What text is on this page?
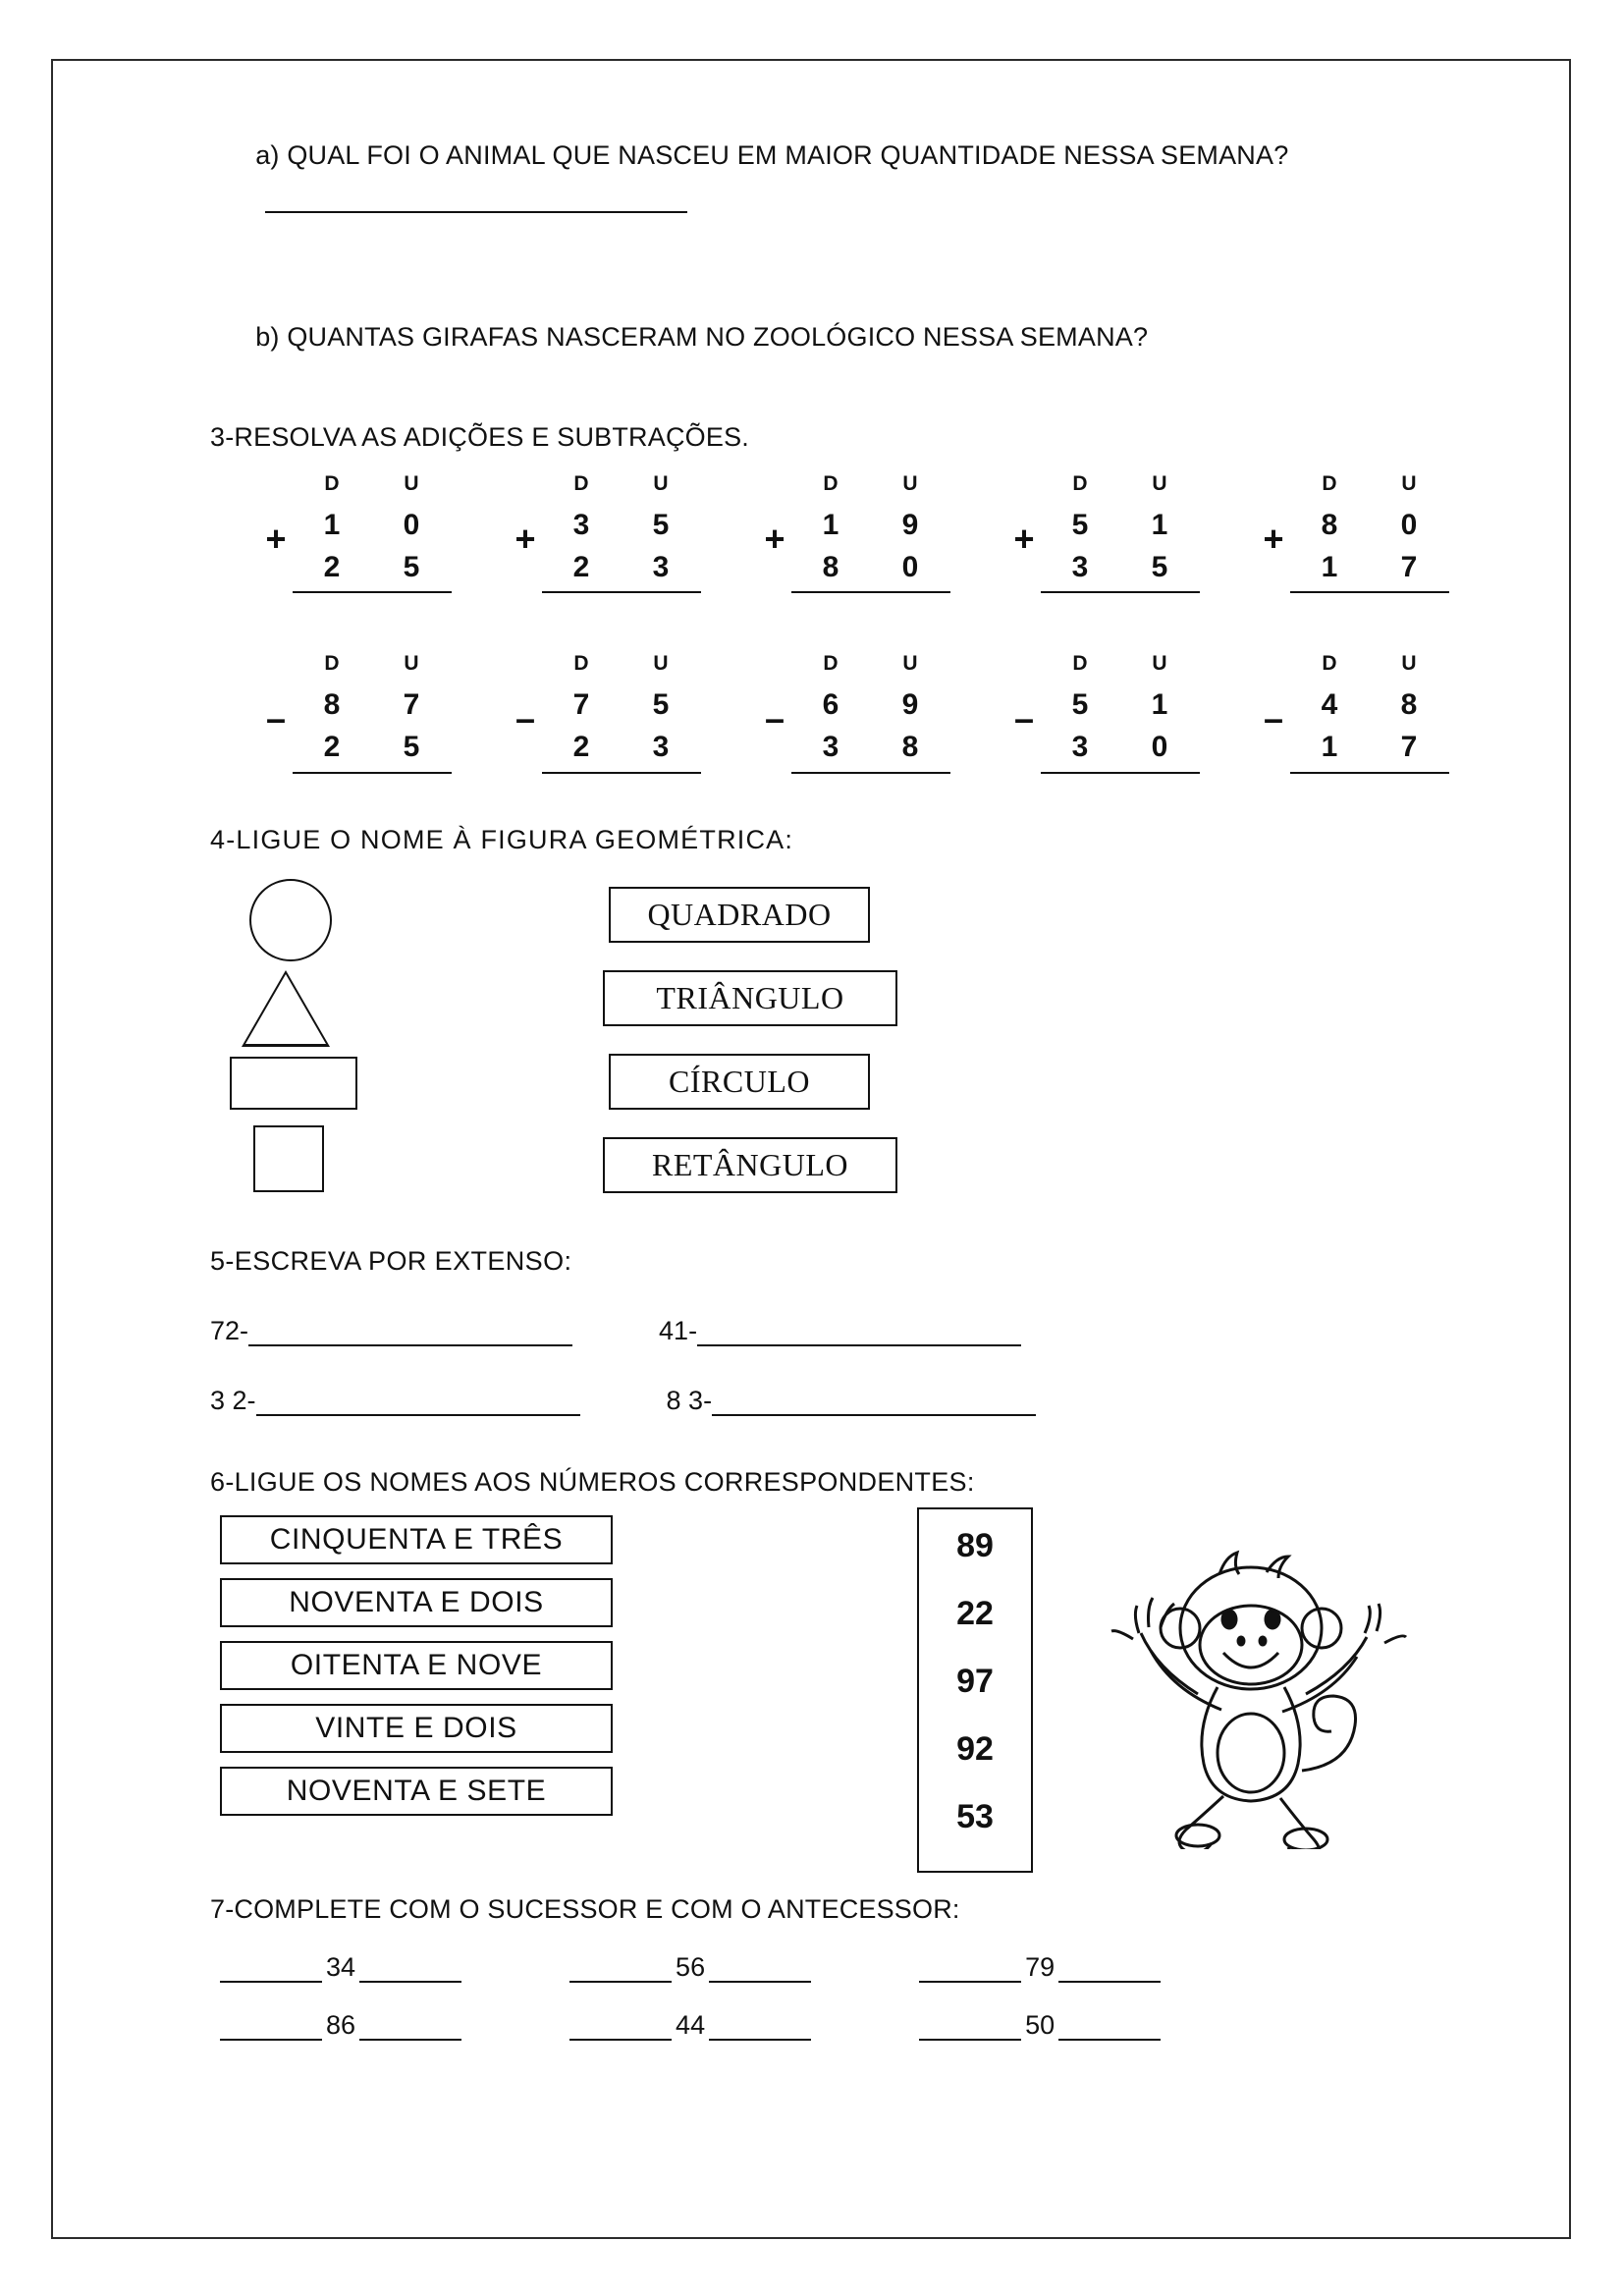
a) QUAL FOI O ANIMAL QUE NASCEU EM MAIOR QUANTIDADE NESSA SEMANA?

b) QUANTAS GIRAFAS NASCERAM NO ZOOLÓGICO NESSA SEMANA?

3-RESOLVA AS ADIÇÕES E SUBTRAÇÕES.
+
D	U
1	0
2	5
+
D	U
3	5
2	3
+
D	U
1	9
8	0
+
D	U
5	1
3	5
+
D	U
8	0
1	7
–
D	U
8	7
2	5
–
D	U
7	5
2	3
–
D	U
6	9
3	8
–
D	U
5	1
3	0
–
D	U
4	8
1	7
4-LIGUE O NOME À FIGURA GEOMÉTRICA:
QUADRADO
TRIÂNGULO
CÍRCULO
RETÂNGULO
5-ESCREVA POR EXTENSO:
72-	41-
3 2-	8 3-
6-LIGUE OS NOMES AOS NÚMEROS CORRESPONDENTES:
CINQUENTA E TRÊS
NOVENTA E DOIS
OITENTA E NOVE
VINTE E DOIS
NOVENTA E SETE
89
22
97
92
53
7-COMPLETE COM O SUCESSOR E COM O ANTECESSOR:
34	56	79
86	44	50
